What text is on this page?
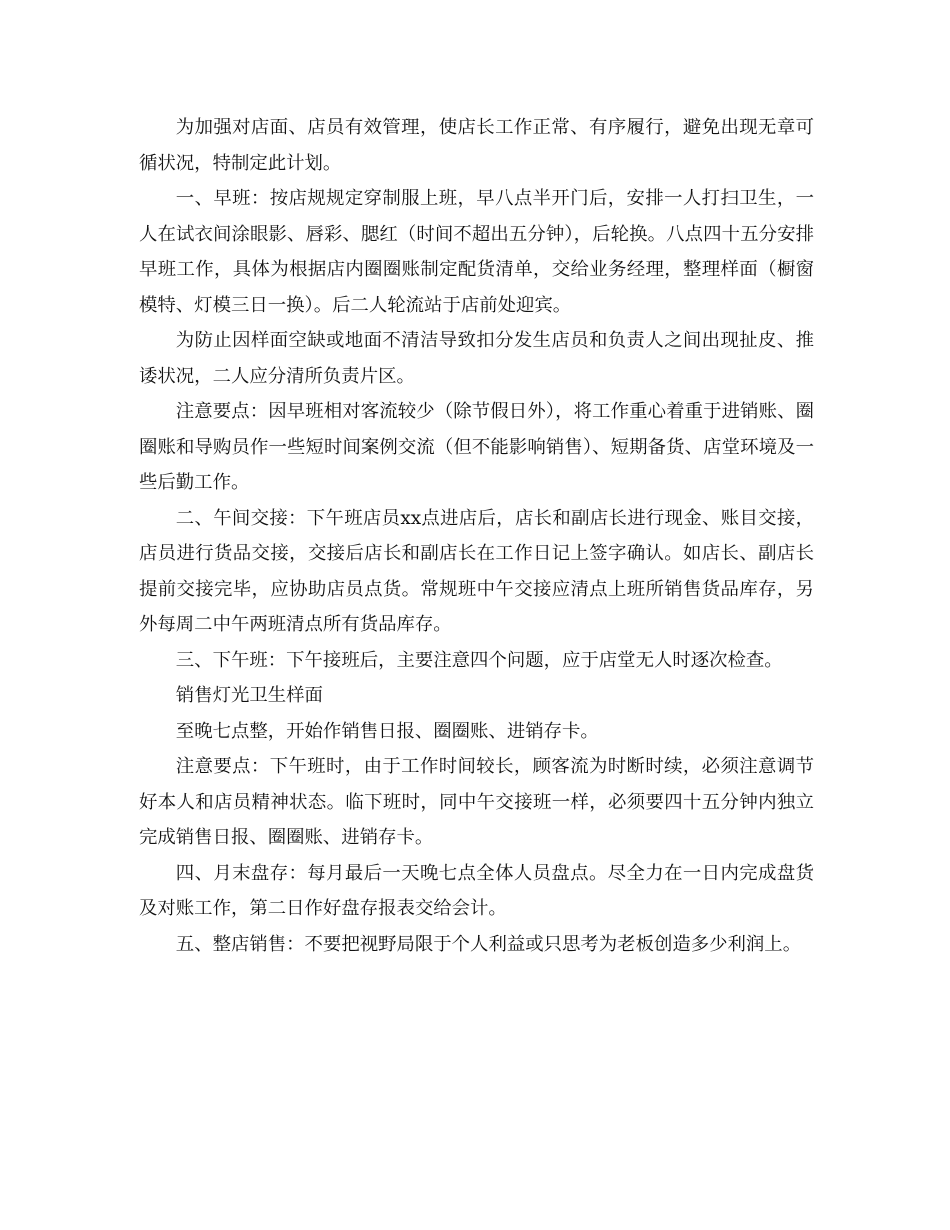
为加强对店面、店员有效管理，使店长工作正常、有序履行，避免出现无章可循状况，特制定此计划。

一、早班：按店规规定穿制服上班，早八点半开门后，安排一人打扫卫生，一人在试衣间涂眼影、唇彩、腮红（时间不超出五分钟），后轮换。八点四十五分安排早班工作，具体为根据店内圈圈账制定配货清单，交给业务经理，整理样面（橱窗模特、灯模三日一换）。后二人轮流站于店前处迎宾。

为防止因样面空缺或地面不清洁导致扣分发生店员和负责人之间出现扯皮、推诿状况，二人应分清所负责片区。

注意要点：因早班相对客流较少（除节假日外），将工作重心着重于进销账、圈圈账和导购员作一些短时间案例交流（但不能影响销售）、短期备货、店堂环境及一些后勤工作。

二、午间交接：下午班店员xx点进店后，店长和副店长进行现金、账目交接，店员进行货品交接，交接后店长和副店长在工作日记上签字确认。如店长、副店长提前交接完毕，应协助店员点货。常规班中午交接应清点上班所销售货品库存，另外每周二中午两班清点所有货品库存。

三、下午班：下午接班后，主要注意四个问题，应于店堂无人时逐次检查。

销售灯光卫生样面

至晚七点整，开始作销售日报、圈圈账、进销存卡。

注意要点：下午班时，由于工作时间较长，顾客流为时断时续，必须注意调节好本人和店员精神状态。临下班时，同中午交接班一样，必须要四十五分钟内独立完成销售日报、圈圈账、进销存卡。

四、月末盘存：每月最后一天晚七点全体人员盘点。尽全力在一日内完成盘货及对账工作，第二日作好盘存报表交给会计。

五、整店销售：不要把视野局限于个人利益或只思考为老板创造多少利润上。
